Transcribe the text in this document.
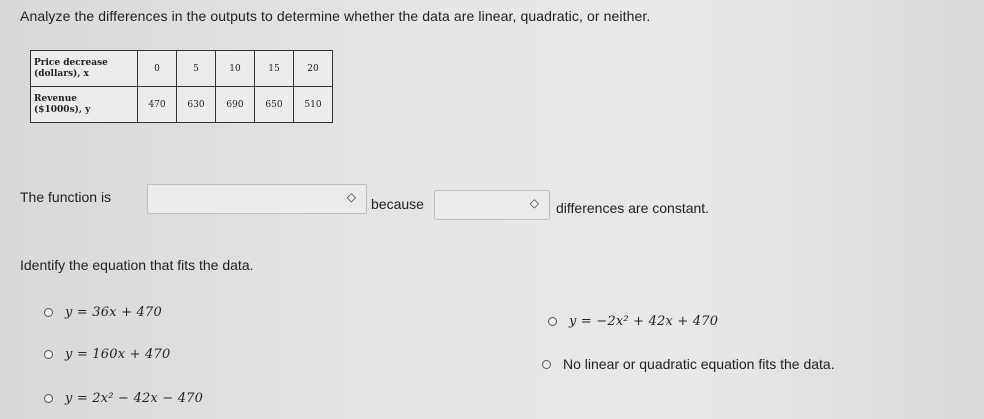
Analyze the differences in the outputs to determine whether the data are linear, quadratic, or neither.
Price decrease
(dollars), x	0	5	10	15	20

Revenue
($1000s), y	470	630	690	650	510
The function is	◇ because	◇ differences are constant.
Identify the equation that fits the data.
y = 36x + 470
y = −2x² + 42x + 470
y = 160x + 470
No linear or quadratic equation fits the data.
y = 2x² − 42x − 470
